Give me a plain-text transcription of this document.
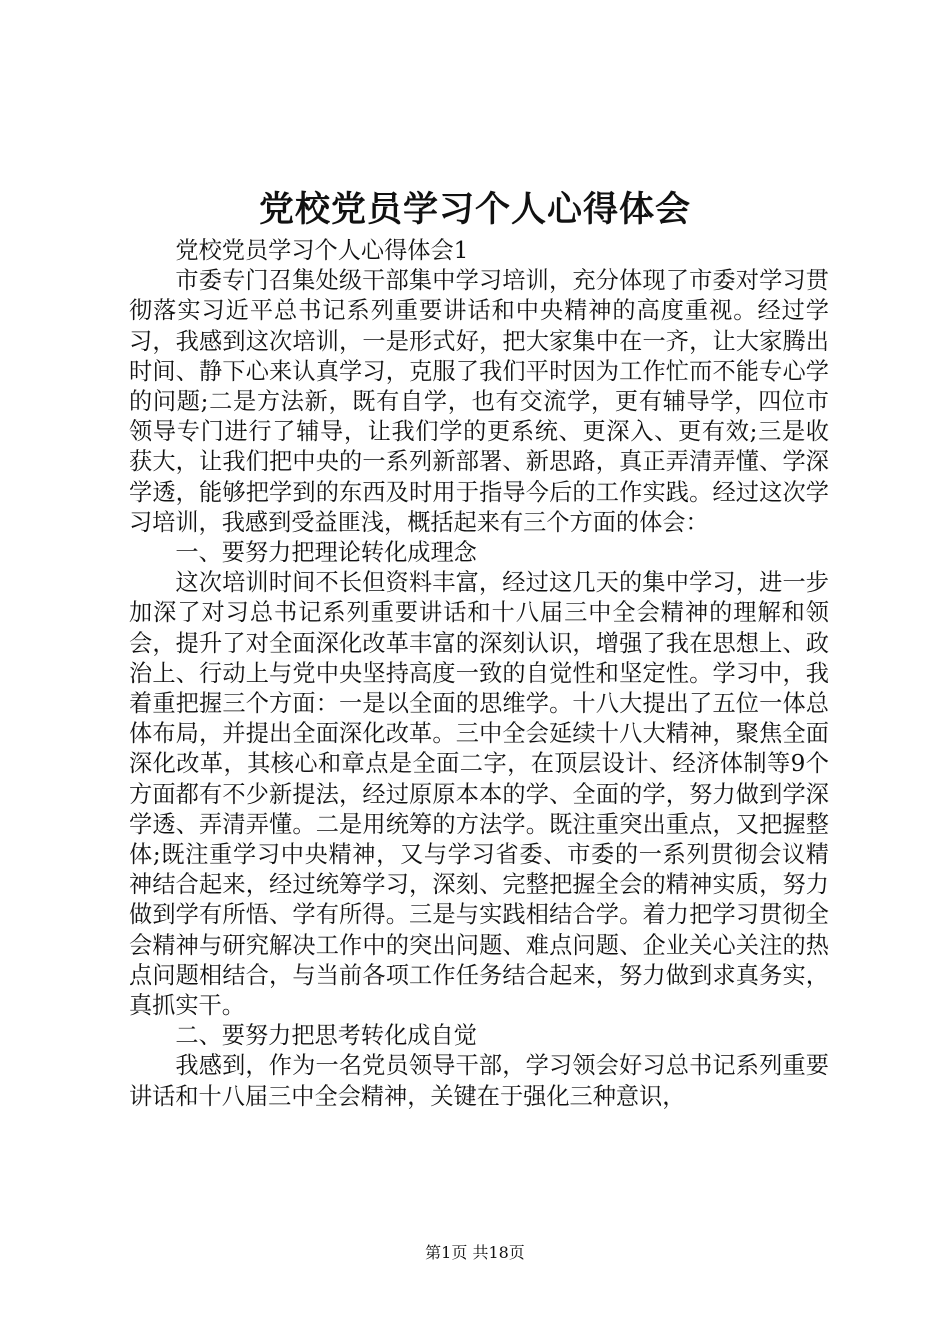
党校党员学习个人心得体会

党校党员学习个人心得体会1

市委专门召集处级干部集中学习培训，充分体现了市委对学习贯彻落实习近平总书记系列重要讲话和中央精神的高度重视。经过学习，我感到这次培训，一是形式好，把大家集中在一齐，让大家腾出时间、静下心来认真学习，克服了我们平时因为工作忙而不能专心学的问题;二是方法新，既有自学，也有交流学，更有辅导学，四位市领导专门进行了辅导，让我们学的更系统、更深入、更有效;三是收获大，让我们把中央的一系列新部署、新思路，真正弄清弄懂、学深学透，能够把学到的东西及时用于指导今后的工作实践。经过这次学习培训，我感到受益匪浅，概括起来有三个方面的体会：

一、要努力把理论转化成理念

这次培训时间不长但资料丰富，经过这几天的集中学习，进一步加深了对习总书记系列重要讲话和十八届三中全会精神的理解和领会，提升了对全面深化改革丰富的深刻认识，增强了我在思想上、政治上、行动上与党中央坚持高度一致的自觉性和坚定性。学习中，我着重把握三个方面：一是以全面的思维学。十八大提出了五位一体总体布局，并提出全面深化改革。三中全会延续十八大精神，聚焦全面深化改革，其核心和章点是全面二字，在顶层设计、经济体制等9个方面都有不少新提法，经过原原本本的学、全面的学，努力做到学深学透、弄清弄懂。二是用统筹的方法学。既注重突出重点，又把握整体;既注重学习中央精神，又与学习省委、市委的一系列贯彻会议精神结合起来，经过统筹学习，深刻、完整把握全会的精神实质，努力做到学有所悟、学有所得。三是与实践相结合学。着力把学习贯彻全会精神与研究解决工作中的突出问题、难点问题、企业关心关注的热点问题相结合，与当前各项工作任务结合起来，努力做到求真务实，真抓实干。

二、要努力把思考转化成自觉

我感到，作为一名党员领导干部，学习领会好习总书记系列重要讲话和十八届三中全会精神，关键在于强化三种意识，

第1页 共18页
